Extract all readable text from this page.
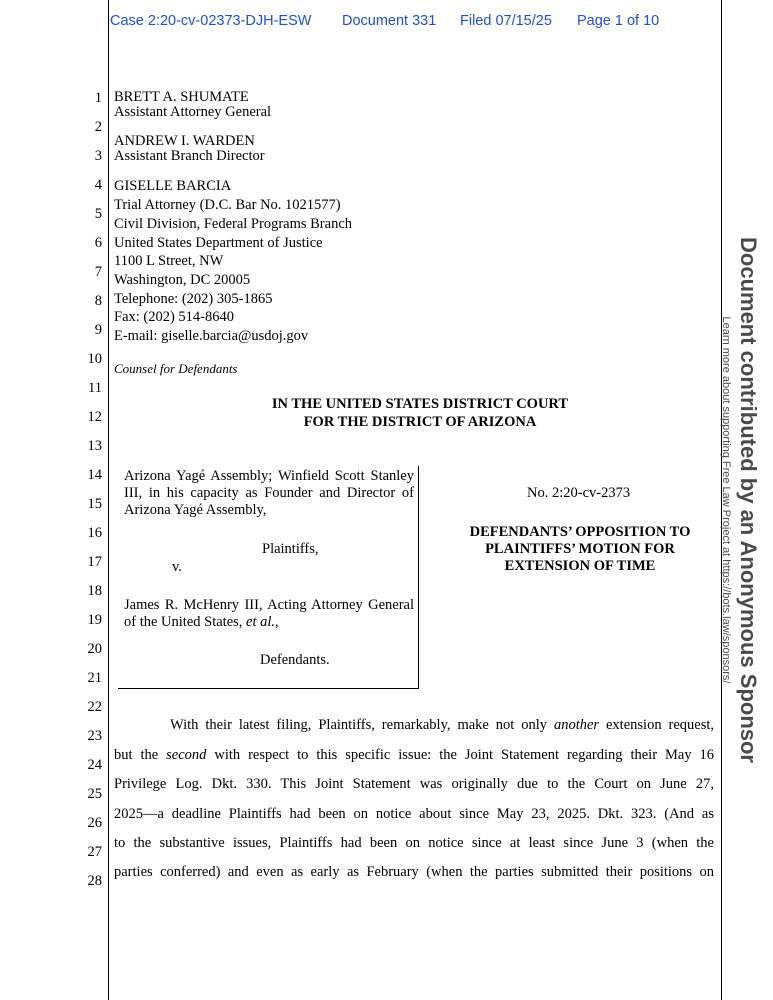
Case 2:20-cv-02373-DJH-ESW Document 331 Filed 07/15/25 Page 1 of 10
1
2
3
4
5
6
7
8
9
10
11
12
13
14
15
16
17
18
19
20
21
22
23
24
25
26
27
28
BRETT A. SHUMATE
Assistant Attorney General
ANDREW I. WARDEN
Assistant Branch Director
GISELLE BARCIA
Trial Attorney (D.C. Bar No. 1021577)
Civil Division, Federal Programs Branch
United States Department of Justice
1100 L Street, NW
Washington, DC 20005
Telephone: (202) 305-1865
Fax: (202) 514-8640
E-mail: giselle.barcia@usdoj.gov
Counsel for Defendants
IN THE UNITED STATES DISTRICT COURT
FOR THE DISTRICT OF ARIZONA
Arizona Yagé Assembly; Winfield Scott Stanley III, in his capacity as Founder and Director of Arizona Yagé Assembly,
Plaintiffs,
v.
James R. McHenry III, Acting Attorney General of the United States, et al.,
Defendants.
No. 2:20-cv-2373
DEFENDANTS’ OPPOSITION TO
PLAINTIFFS’ MOTION FOR
EXTENSION OF TIME
With their latest filing, Plaintiffs, remarkably, make not only another extension request,
but the second with respect to this specific issue: the Joint Statement regarding their May 16
Privilege Log. Dkt. 330. This Joint Statement was originally due to the Court on June 27,
2025—a deadline Plaintiffs had been on notice about since May 23, 2025. Dkt. 323. (And as
to the substantive issues, Plaintiffs had been on notice since at least since June 3 (when the
parties conferred) and even as early as February (when the parties submitted their positions on
Document contributed by an Anonymous Sponsor
Learn more about supporting Free Law Project at https://bots.law/sponsors/
